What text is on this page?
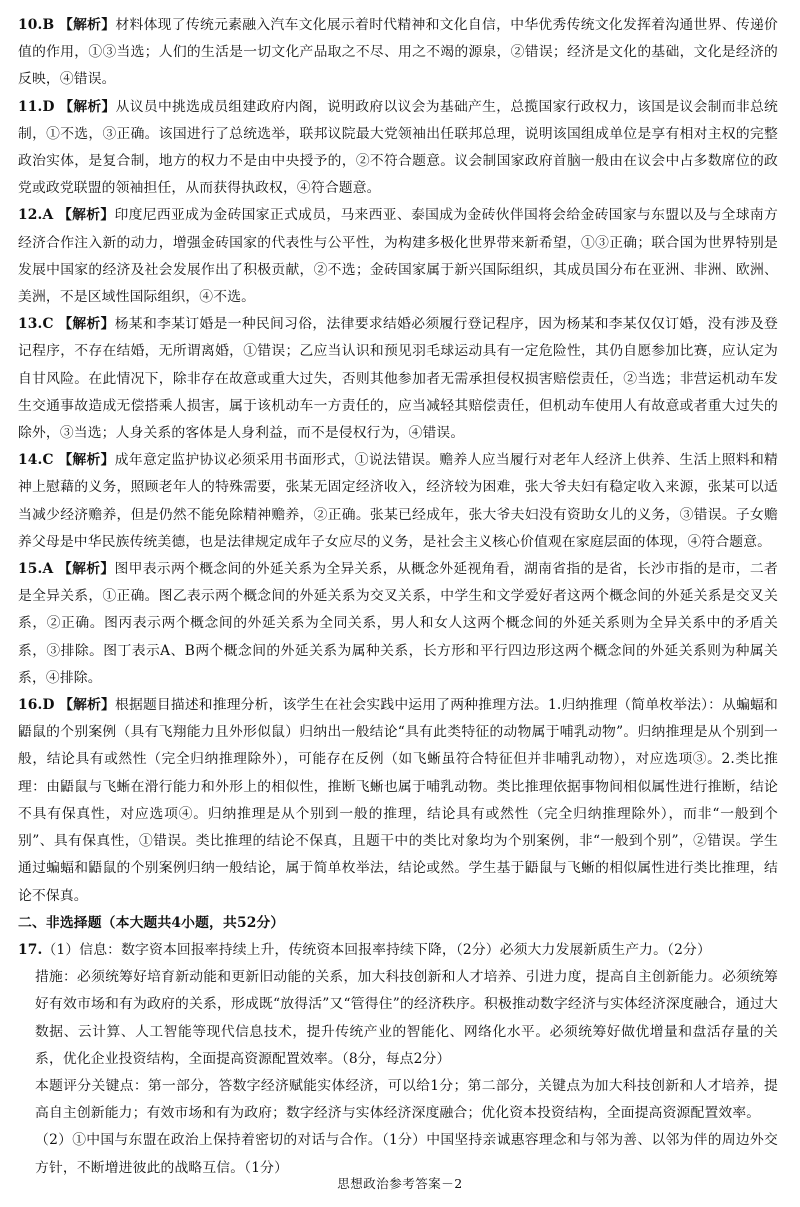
10.B 【解析】材料体现了传统元素融入汽车文化展示着时代精神和文化自信，中华优秀传统文化发挥着沟通世界、传递价值的作用，①③当选；人们的生活是一切文化产品取之不尽、用之不竭的源泉，②错误；经济是文化的基础，文化是经济的反映，④错误。

11.D 【解析】从议员中挑选成员组建政府内阁，说明政府以议会为基础产生，总揽国家行政权力，该国是议会制而非总统制，①不选，③正确。该国进行了总统选举，联邦议院最大党领袖出任联邦总理，说明该国组成单位是享有相对主权的完整政治实体，是复合制，地方的权力不是由中央授予的，②不符合题意。议会制国家政府首脑一般由在议会中占多数席位的政党或政党联盟的领袖担任，从而获得执政权，④符合题意。

12.A 【解析】印度尼西亚成为金砖国家正式成员，马来西亚、泰国成为金砖伙伴国将会给金砖国家与东盟以及与全球南方经济合作注入新的动力，增强金砖国家的代表性与公平性，为构建多极化世界带来新希望，①③正确；联合国为世界特别是发展中国家的经济及社会发展作出了积极贡献，②不选；金砖国家属于新兴国际组织，其成员国分布在亚洲、非洲、欧洲、美洲，不是区域性国际组织，④不选。

13.C 【解析】杨某和李某订婚是一种民间习俗，法律要求结婚必须履行登记程序，因为杨某和李某仅仅订婚，没有涉及登记程序，不存在结婚，无所谓离婚，①错误；乙应当认识和预见羽毛球运动具有一定危险性，其仍自愿参加比赛，应认定为自甘风险。在此情况下，除非存在故意或重大过失，否则其他参加者无需承担侵权损害赔偿责任，②当选；非营运机动车发生交通事故造成无偿搭乘人损害，属于该机动车一方责任的，应当减轻其赔偿责任，但机动车使用人有故意或者重大过失的除外，③当选；人身关系的客体是人身利益，而不是侵权行为，④错误。

14.C 【解析】成年意定监护协议必须采用书面形式，①说法错误。赡养人应当履行对老年人经济上供养、生活上照料和精神上慰藉的义务，照顾老年人的特殊需要，张某无固定经济收入，经济较为困难，张大爷夫妇有稳定收入来源，张某可以适当减少经济赡养，但是仍然不能免除精神赡养，②正确。张某已经成年，张大爷夫妇没有资助女儿的义务，③错误。子女赡养父母是中华民族传统美德，也是法律规定成年子女应尽的义务，是社会主义核心价值观在家庭层面的体现，④符合题意。

15.A 【解析】图甲表示两个概念间的外延关系为全异关系，从概念外延视角看，湖南省指的是省，长沙市指的是市，二者是全异关系，①正确。图乙表示两个概念间的外延关系为交叉关系，中学生和文学爱好者这两个概念间的外延关系是交叉关系，②正确。图丙表示两个概念间的外延关系为全同关系，男人和女人这两个概念间的外延关系则为全异关系中的矛盾关系，③排除。图丁表示A、B两个概念间的外延关系为属种关系，长方形和平行四边形这两个概念间的外延关系则为种属关系，④排除。

16.D 【解析】根据题目描述和推理分析，该学生在社会实践中运用了两种推理方法。1.归纳推理（简单枚举法）：从蝙蝠和鼯鼠的个别案例（具有飞翔能力且外形似鼠）归纳出一般结论“具有此类特征的动物属于哺乳动物”。归纳推理是从个别到一般，结论具有或然性（完全归纳推理除外），可能存在反例（如飞蜥虽符合特征但并非哺乳动物），对应选项③。2.类比推理：由鼯鼠与飞蜥在滑行能力和外形上的相似性，推断飞蜥也属于哺乳动物。类比推理依据事物间相似属性进行推断，结论不具有保真性，对应选项④。归纳推理是从个别到一般的推理，结论具有或然性（完全归纳推理除外），而非“一般到个别”、具有保真性，①错误。类比推理的结论不保真，且题干中的类比对象均为个别案例，非“一般到个别”，②错误。学生通过蝙蝠和鼯鼠的个别案例归纳一般结论，属于简单枚举法，结论或然。学生基于鼯鼠与飞蜥的相似属性进行类比推理，结论不保真。

二、非选择题（本大题共4小题，共52分）

17.（1）信息：数字资本回报率持续上升，传统资本回报率持续下降，（2分）必须大力发展新质生产力。（2分）

措施：必须统筹好培育新动能和更新旧动能的关系，加大科技创新和人才培养、引进力度，提高自主创新能力。必须统筹好有效市场和有为政府的关系，形成既“放得活”又“管得住”的经济秩序。积极推动数字经济与实体经济深度融合，通过大数据、云计算、人工智能等现代信息技术，提升传统产业的智能化、网络化水平。必须统筹好做优增量和盘活存量的关系，优化企业投资结构，全面提高资源配置效率。（8分，每点2分）

本题评分关键点：第一部分，答数字经济赋能实体经济，可以给1分；第二部分，关键点为加大科技创新和人才培养，提高自主创新能力；有效市场和有为政府；数字经济与实体经济深度融合；优化资本投资结构，全面提高资源配置效率。

（2）①中国与东盟在政治上保持着密切的对话与合作。（1分）中国坚持亲诚惠容理念和与邻为善、以邻为伴的周边外交方针，不断增进彼此的战略互信。（1分）

思想政治参考答案－2
